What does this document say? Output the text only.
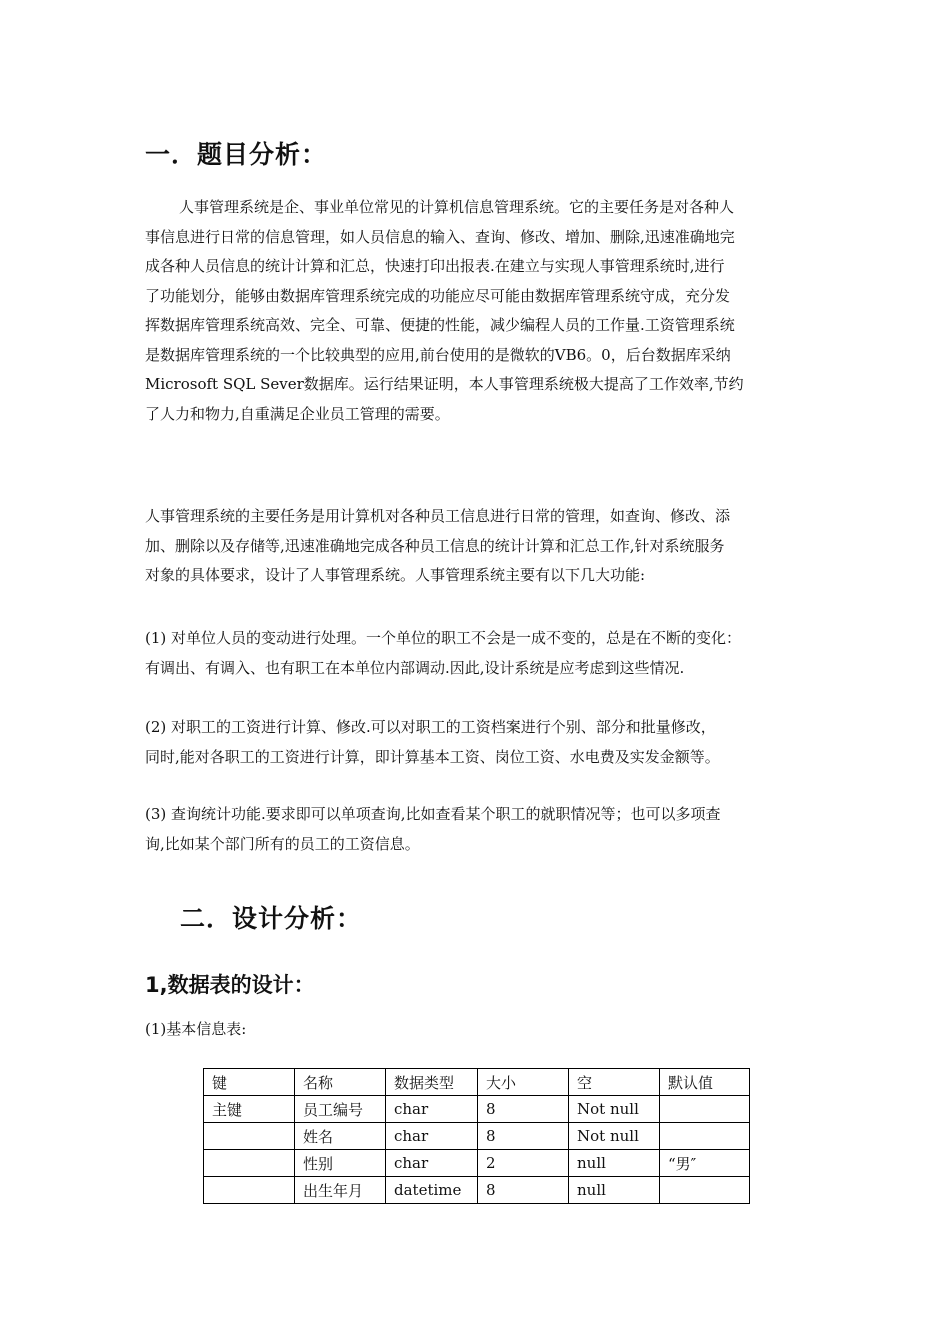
一．题目分析：
人事管理系统是企、事业单位常见的计算机信息管理系统。它的主要任务是对各种人
事信息进行日常的信息管理，如人员信息的输入、查询、修改、增加、删除,迅速准确地完
成各种人员信息的统计计算和汇总，快速打印出报表.在建立与实现人事管理系统时,进行
了功能划分，能够由数据库管理系统完成的功能应尽可能由数据库管理系统守成，充分发
挥数据库管理系统高效、完全、可靠、便捷的性能，减少编程人员的工作量.工资管理系统
是数据库管理系统的一个比较典型的应用,前台使用的是微软的VB6。0，后台数据库采纳
Microsoft SQL Sever数据库。运行结果证明，本人事管理系统极大提高了工作效率,节约
了人力和物力,自重满足企业员工管理的需要。
人事管理系统的主要任务是用计算机对各种员工信息进行日常的管理，如查询、修改、添
加、删除以及存储等,迅速准确地完成各种员工信息的统计计算和汇总工作,针对系统服务
对象的具体要求，设计了人事管理系统。人事管理系统主要有以下几大功能:
(1) 对单位人员的变动进行处理。一个单位的职工不会是一成不变的，总是在不断的变化：
有调出、有调入、也有职工在本单位内部调动.因此,设计系统是应考虑到这些情况.
(2) 对职工的工资进行计算、修改.可以对职工的工资档案进行个别、部分和批量修改，
同时,能对各职工的工资进行计算，即计算基本工资、岗位工资、水电费及实发金额等。
(3) 查询统计功能.要求即可以单项查询,比如查看某个职工的就职情况等；也可以多项查
询,比如某个部门所有的员工的工资信息。
二．设计分析：
1,数据表的设计：

(1)基本信息表:

键	名称	数据类型	大小	空	默认值
主键	员工编号	char	8	Not null	
	姓名	char	8	Not null	
	性别	char	2	null	“男″
	出生年月	datetime	8	null	
